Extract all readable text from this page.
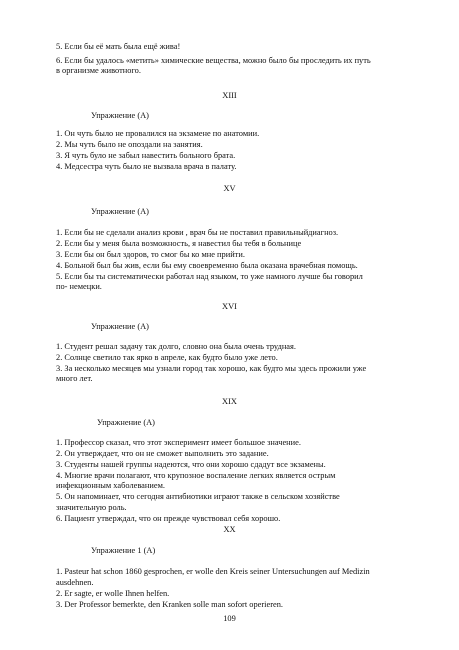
5. Если бы её мать была ещё жива!
6. Если бы удалось «метить» химические вещества, можно было бы проследить их путь
в организме животного.
XIII
Упражнение (А)
1. Он чуть было не провалился на экзамене по анатомии.
2. Мы чуть было не опоздали на занятия.
3. Я чуть було не забыл навестить больного брата.
4. Медсестра чуть было не вызвала врача в палату.
XV
Упражнение (А)
1. Если бы не сделали анализ крови , врач бы не поставил правильныйдиагноз.
2. Если бы у меня была возможность, я навестил бы тебя в больнице
3. Если бы он был здоров, то смог бы ко мне прийти.
4. Больной был бы жив, если бы ему своевременно была оказана врачебная помощь.
5. Если бы ты систематически работал над языком, то уже намного лучше бы говорил
по- немецки.
XVI
Упражнение (А)
1. Студент решал задачу так долго, словно она была очень трудная.
2. Солнце светило так ярко в апреле, как будто было уже лето.
3. За несколько месяцев мы узнали город так хорошо, как будто мы здесь прожили уже
много лет.
XIX
Упражнение (А)
1. Профессор сказал, что этот эксперимент имеет большое значение.
2. Он утверждает, что он не сможет выполнить это задание.
3. Студенты нашей группы надеются, что они хорошо сдадут все экзамены.
4. Многие врачи полагают, что крупозное воспаление легких является острым
инфекционным хаболеванием.
5. Он напоминает, что сегодня антибиотики играют также в сельском хозяйстве
значительную роль.
6. Пациент утверждал, что он прежде чувствовал себя хорошо.
XX
Упражнение 1 (А)
1. Pasteur hat schon 1860 gesprochen, er wolle den Kreis seiner Untersuchungen auf Medizin
ausdehnen.
2. Er sagte, er wolle Ihnen helfen.
3. Der Professor bemerkte, den Kranken solle man sofort operieren.
109
